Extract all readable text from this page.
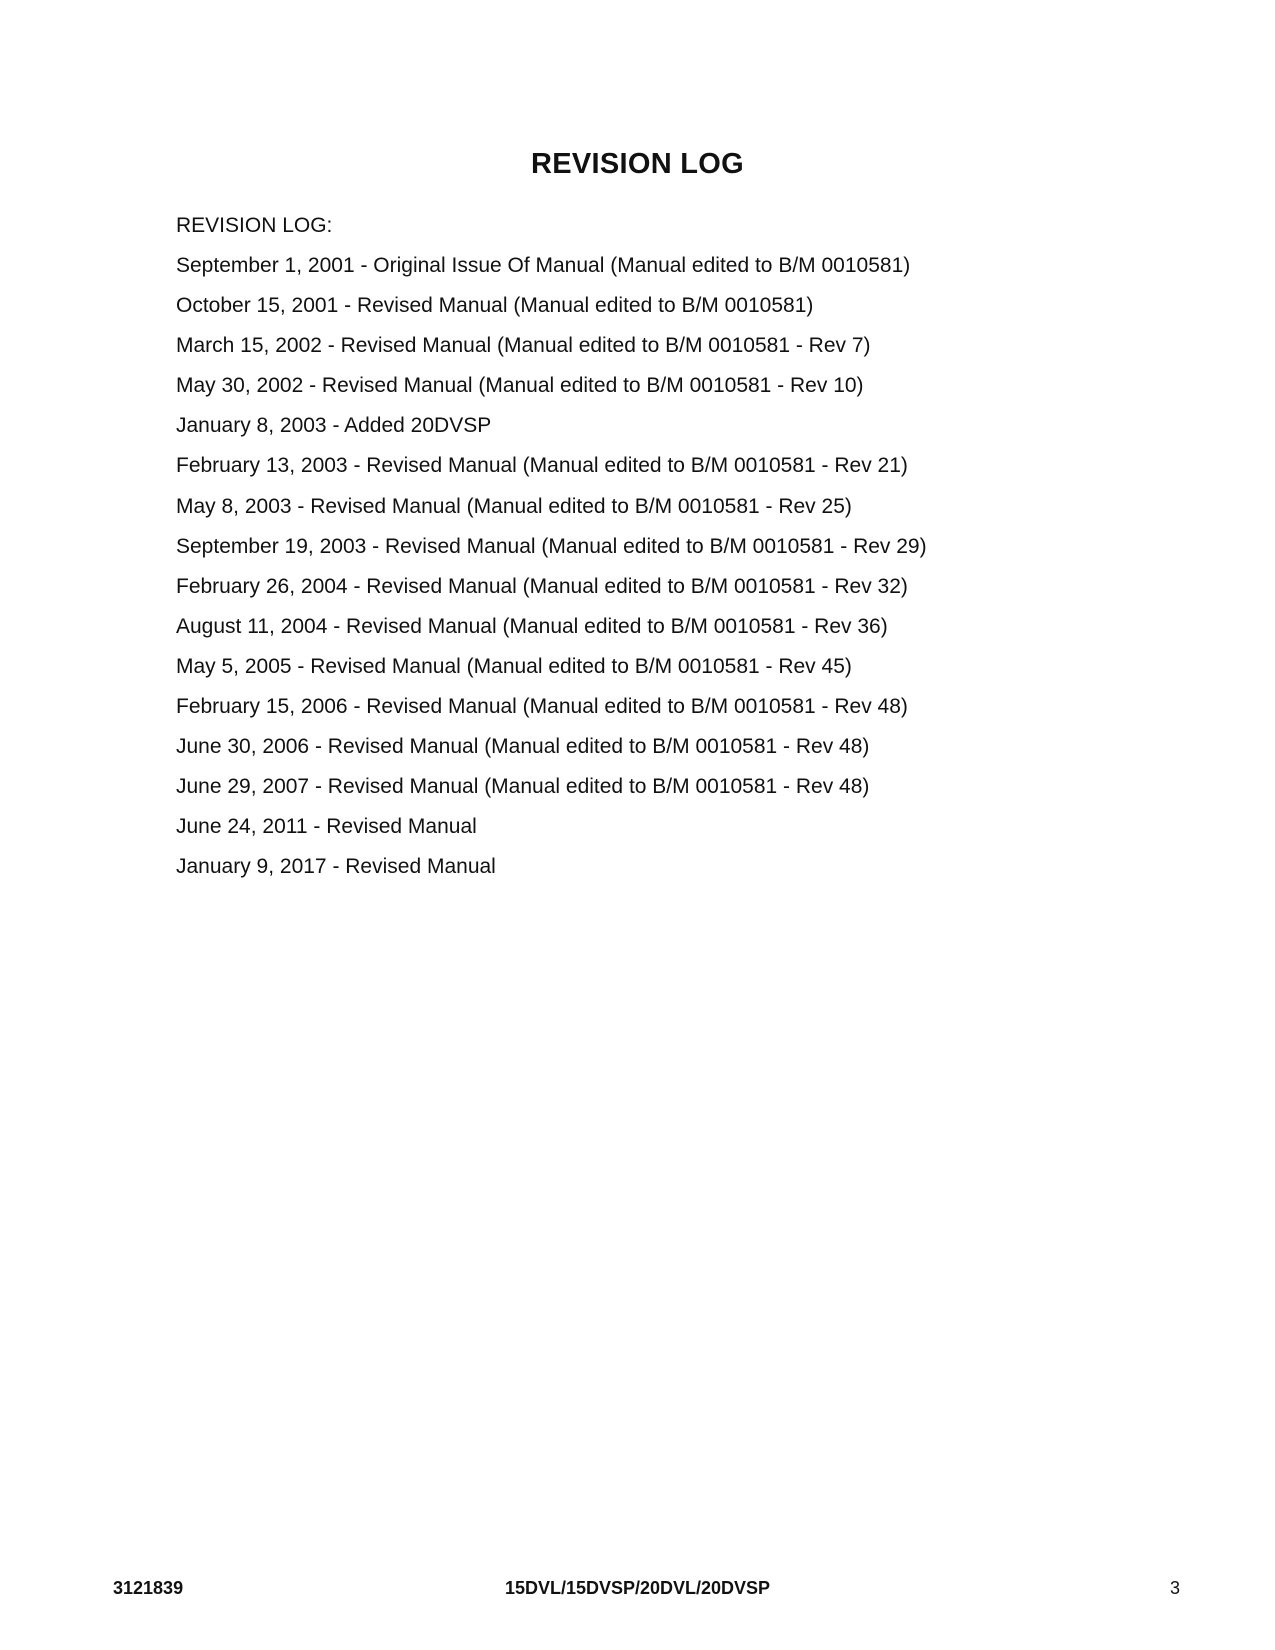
REVISION LOG
REVISION LOG:
September 1, 2001 - Original Issue Of Manual (Manual edited to B/M 0010581)
October 15, 2001 - Revised Manual (Manual edited to B/M 0010581)
March 15, 2002 - Revised Manual (Manual edited to B/M 0010581 - Rev 7)
May 30, 2002 - Revised Manual (Manual edited to B/M 0010581 - Rev 10)
January 8, 2003 - Added 20DVSP
February 13, 2003 - Revised Manual (Manual edited to B/M 0010581 - Rev 21)
May 8, 2003 - Revised Manual (Manual edited to B/M 0010581 - Rev 25)
September 19, 2003 - Revised Manual (Manual edited to B/M 0010581 - Rev 29)
February 26, 2004 - Revised Manual (Manual edited to B/M 0010581 - Rev 32)
August 11, 2004 - Revised Manual (Manual edited to B/M 0010581 - Rev 36)
May 5, 2005 - Revised Manual (Manual edited to B/M 0010581 - Rev 45)
February 15, 2006 - Revised Manual (Manual edited to B/M 0010581 - Rev 48)
June 30, 2006 - Revised Manual (Manual edited to B/M 0010581 - Rev 48)
June 29, 2007 - Revised Manual (Manual edited to B/M 0010581 - Rev 48)
June 24, 2011 - Revised Manual
January 9, 2017 - Revised Manual
15DVL/15DVSP/20DVL/20DVSP
3121839	3
